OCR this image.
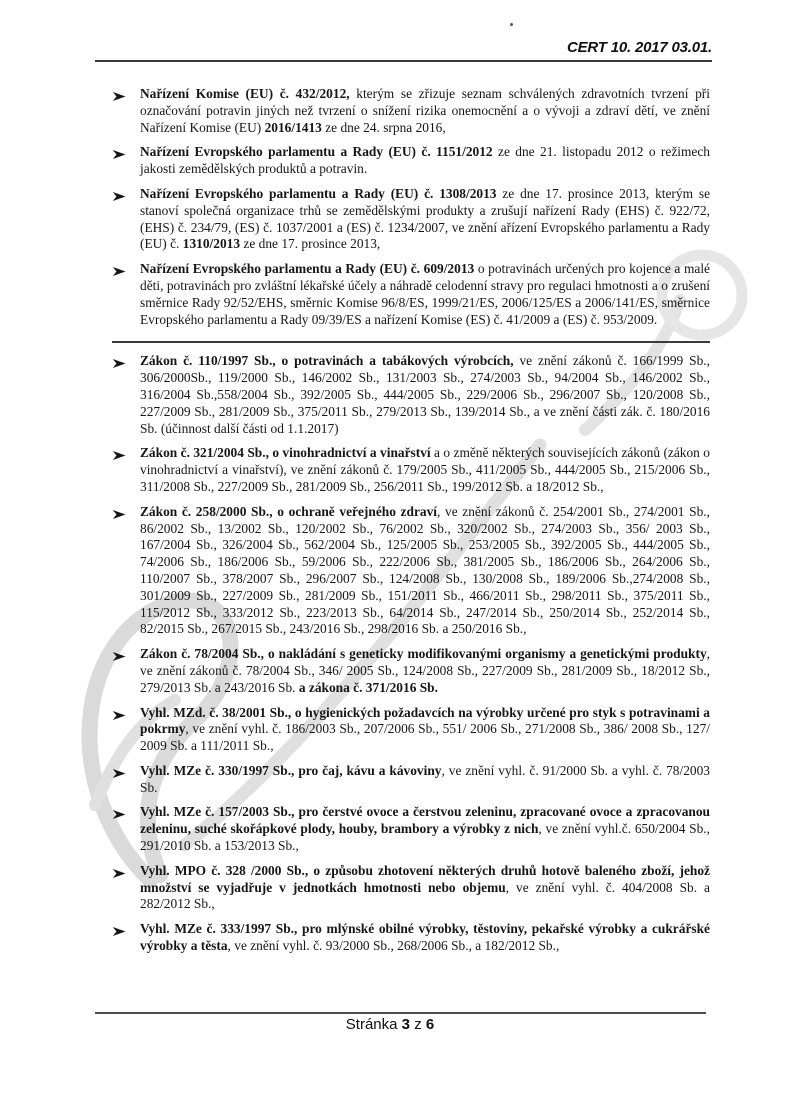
CERT 10. 2017 03.01.

Nařízení Komise (EU) č. 432/2012, kterým se zřizuje seznam schválených zdravotních tvrzení při označování potravin jiných než tvrzení o snížení rizika onemocnění a o vývoji a zdraví dětí, ve znění Nařízení Komise (EU) 2016/1413 ze dne 24. srpna 2016,

Nařízení Evropského parlamentu a Rady (EU) č. 1151/2012 ze dne 21. listopadu 2012 o režimech jakosti zemědělských produktů a potravin.

Nařízení Evropského parlamentu a Rady (EU) č. 1308/2013 ze dne 17. prosince 2013, kterým se stanoví společná organizace trhů se zemědělskými produkty a zrušují nařízení Rady (EHS) č. 922/72, (EHS) č. 234/79, (ES) č. 1037/2001 a (ES) č. 1234/2007, ve znění ařízení Evropského parlamentu a Rady (EU) č. 1310/2013 ze dne 17. prosince 2013,

Nařízení Evropského parlamentu a Rady (EU) č. 609/2013 o potravinách určených pro kojence a malé děti, potravinách pro zvláštní lékařské účely a náhradě celodenní stravy pro regulaci hmotnosti a o zrušení směrnice Rady 92/52/EHS, směrnic Komise 96/8/ES, 1999/21/ES, 2006/125/ES a 2006/141/ES, směrnice Evropského parlamentu a Rady 09/39/ES a nařízení Komise (ES) č. 41/2009 a (ES) č. 953/2009.

Zákon č. 110/1997 Sb., o potravinách a tabákových výrobcích, ve znění zákonů č. 166/1999 Sb., 306/2000Sb., 119/2000 Sb., 146/2002 Sb., 131/2003 Sb., 274/2003 Sb., 94/2004 Sb., 146/2002 Sb., 316/2004 Sb.,558/2004 Sb., 392/2005 Sb., 444/2005 Sb., 229/2006 Sb., 296/2007 Sb., 120/2008 Sb., 227/2009 Sb., 281/2009 Sb., 375/2011 Sb., 279/2013 Sb., 139/2014 Sb., a ve znění části zák. č. 180/2016 Sb. (účinnost další části od 1.1.2017)

Zákon č. 321/2004 Sb., o vinohradnictví a vinařství a o změně některých souvisejících zákonů (zákon o vinohradnictví a vinařství), ve znění zákonů č. 179/2005 Sb., 411/2005 Sb., 444/2005 Sb., 215/2006 Sb., 311/2008 Sb., 227/2009 Sb., 281/2009 Sb., 256/2011 Sb., 199/2012 Sb. a 18/2012 Sb.,

Zákon č. 258/2000 Sb., o ochraně veřejného zdraví, ve znění zákonů č. 254/2001 Sb., 274/2001 Sb., 86/2002 Sb., 13/2002 Sb., 120/2002 Sb., 76/2002 Sb., 320/2002 Sb., 274/2003 Sb., 356/ 2003 Sb., 167/2004 Sb., 326/2004 Sb., 562/2004 Sb., 125/2005 Sb., 253/2005 Sb., 392/2005 Sb., 444/2005 Sb., 74/2006 Sb., 186/2006 Sb., 59/2006 Sb., 222/2006 Sb., 381/2005 Sb., 186/2006 Sb., 264/2006 Sb., 110/2007 Sb., 378/2007 Sb., 296/2007 Sb., 124/2008 Sb., 130/2008 Sb., 189/2006 Sb.,274/2008 Sb., 301/2009 Sb., 227/2009 Sb., 281/2009 Sb., 151/2011 Sb., 466/2011 Sb., 298/2011 Sb., 375/2011 Sb., 115/2012 Sb., 333/2012 Sb., 223/2013 Sb., 64/2014 Sb., 247/2014 Sb., 250/2014 Sb., 252/2014 Sb., 82/2015 Sb., 267/2015 Sb., 243/2016 Sb., 298/2016 Sb. a 250/2016 Sb.,

Zákon č. 78/2004 Sb., o nakládání s geneticky modifikovanými organismy a genetickými produkty, ve znění zákonů č. 78/2004 Sb., 346/ 2005 Sb., 124/2008 Sb., 227/2009 Sb., 281/2009 Sb., 18/2012 Sb., 279/2013 Sb. a 243/2016 Sb. a zákona č. 371/2016 Sb.

Vyhl. MZd. č. 38/2001 Sb., o hygienických požadavcích na výrobky určené pro styk s potravinami a pokrmy, ve znění vyhl. č. 186/2003 Sb., 207/2006 Sb., 551/ 2006 Sb., 271/2008 Sb., 386/ 2008 Sb., 127/ 2009 Sb. a 111/2011 Sb.,

Vyhl. MZe č. 330/1997 Sb., pro čaj, kávu a kávoviny, ve znění vyhl. č. 91/2000 Sb. a vyhl. č. 78/2003 Sb.

Vyhl. MZe č. 157/2003 Sb., pro čerstvé ovoce a čerstvou zeleninu, zpracované ovoce a zpracovanou zeleninu, suché skořápkové plody, houby, brambory a výrobky z nich, ve znění vyhl.č. 650/2004 Sb., 291/2010 Sb. a 153/2013 Sb.,

Vyhl. MPO č. 328 /2000 Sb., o způsobu zhotovení některých druhů hotově baleného zboží, jehož množství se vyjadřuje v jednotkách hmotnosti nebo objemu, ve znění vyhl. č. 404/2008 Sb. a 282/2012 Sb.,

Vyhl. MZe č. 333/1997 Sb., pro mlýnské obilné výrobky, těstoviny, pekařské výrobky a cukrářské výrobky a těsta, ve znění vyhl. č. 93/2000 Sb., 268/2006 Sb., a 182/2012 Sb.,

Stránka 3 z 6
